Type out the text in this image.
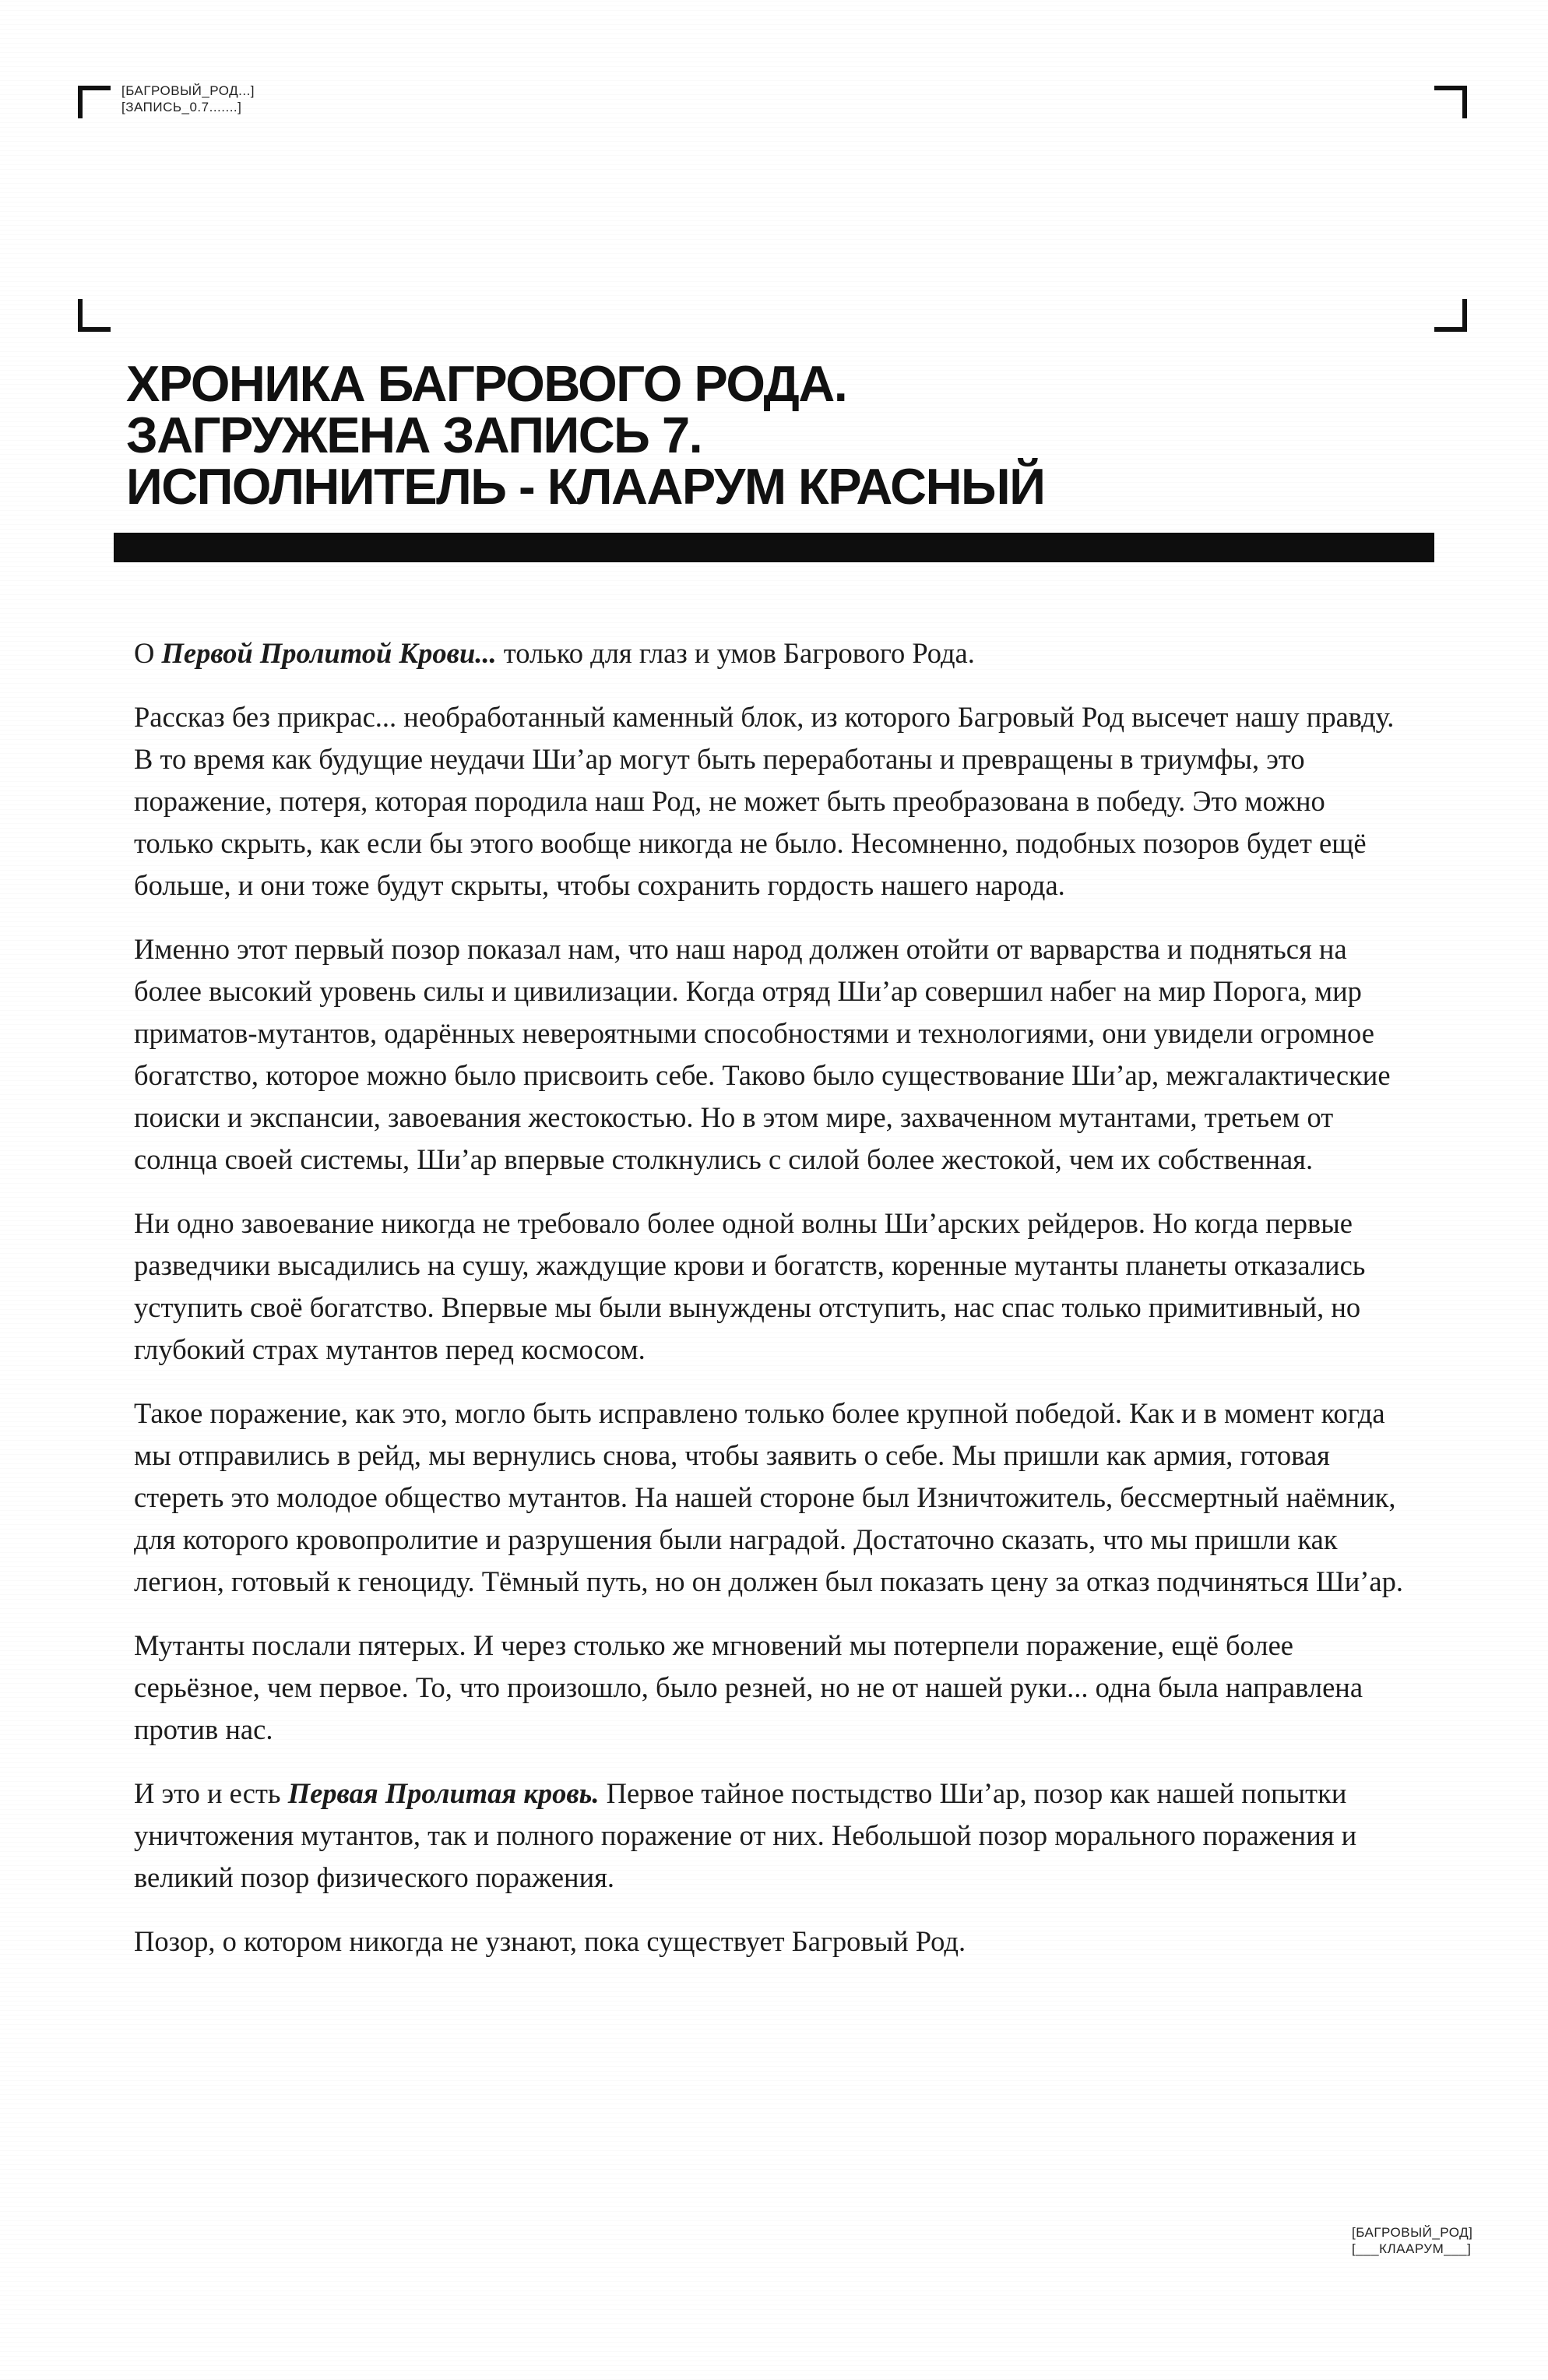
[БАГРОВЫЙ_РОД...]

[ЗАПИСЬ_0.7.......]

ХРОНИКА БАГРОВОГО РОДА.
ЗАГРУЖЕНА ЗАПИСЬ 7.
ИСПОЛНИТЕЛЬ - КЛААРУМ КРАСНЫЙ

О Первой Пролитой Крови... только для глаз и умов Багрового Рода.

Рассказ без прикрас... необработанный каменный блок, из которого Багровый Род высечет нашу правду. В то время как будущие неудачи Ши’ар могут быть переработаны и превращены в триумфы, это поражение, потеря, которая породила наш Род, не может быть преобразована в победу. Это можно только скрыть, как если бы этого вообще никогда не было. Несомненно, подобных позоров будет ещё больше, и они тоже будут скрыты, чтобы сохранить гордость нашего народа.

Именно этот первый позор показал нам, что наш народ должен отойти от варварства и подняться на более высокий уровень силы и цивилизации. Когда отряд Ши’ар совершил набег на мир Порога, мир приматов-мутантов, одарённых невероятными способностями и технологиями, они увидели огромное богатство, которое можно было присвоить себе. Таково было существование Ши’ар, межгалактические поиски и экспансии, завоевания жестокостью. Но в этом мире, захваченном мутантами, третьем от солнца своей системы, Ши’ар впервые столкнулись с силой более жестокой, чем их собственная.

Ни одно завоевание никогда не требовало более одной волны Ши’арских рейдеров. Но когда первые разведчики высадились на сушу, жаждущие крови и богатств, коренные мутанты планеты отказались уступить своё богатство. Впервые мы были вынуждены отступить, нас спас только примитивный, но глубокий страх мутантов перед космосом.

Такое поражение, как это, могло быть исправлено только более крупной победой. Как и в момент когда мы отправились в рейд, мы вернулись снова, чтобы заявить о себе. Мы пришли как армия, готовая стереть это молодое общество мутантов. На нашей стороне был Изничтожитель, бессмертный наёмник, для которого кровопролитие и разрушения были наградой. Достаточно сказать, что мы пришли как легион, готовый к геноциду. Тёмный путь, но он должен был показать цену за отказ подчиняться Ши’ар.

Мутанты послали пятерых. И через столько же мгновений мы потерпели поражение, ещё более серьёзное, чем первое. То, что произошло, было резней, но не от нашей руки... одна была направлена против нас.

И это и есть Первая Пролитая кровь. Первое тайное постыдство Ши’ар, позор как нашей попытки уничтожения мутантов, так и полного поражение от них. Небольшой позор морального поражения и великий позор физического поражения.

Позор, о котором никогда не узнают, пока существует Багровый Род.

[БАГРОВЫЙ_РОД]

[___КЛААРУМ___]
